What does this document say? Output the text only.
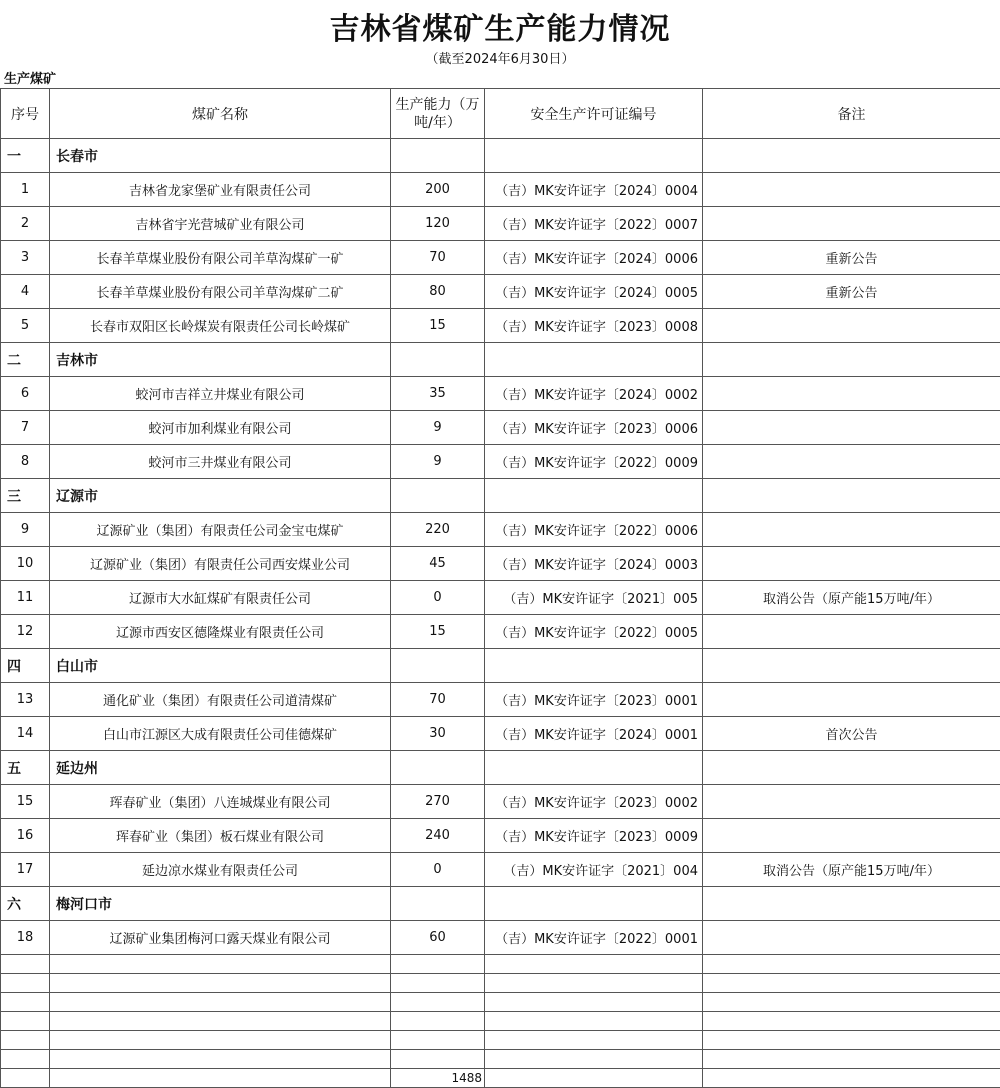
吉林省煤矿生产能力情况
（截至2024年6月30日）
生产煤矿
序号	煤矿名称	生产能力（万吨/年）	安全生产许可证编号	备注
一	长春市			
1	吉林省龙家堡矿业有限责任公司	200	（吉）MK安许证字〔2024〕0004	
2	吉林省宇光营城矿业有限公司	120	（吉）MK安许证字〔2022〕0007	
3	长春羊草煤业股份有限公司羊草沟煤矿一矿	70	（吉）MK安许证字〔2024〕0006	重新公告
4	长春羊草煤业股份有限公司羊草沟煤矿二矿	80	（吉）MK安许证字〔2024〕0005	重新公告
5	长春市双阳区长岭煤炭有限责任公司长岭煤矿	15	（吉）MK安许证字〔2023〕0008	
二	吉林市			
6	蛟河市吉祥立井煤业有限公司	35	（吉）MK安许证字〔2024〕0002	
7	蛟河市加利煤业有限公司	9	（吉）MK安许证字〔2023〕0006	
8	蛟河市三井煤业有限公司	9	（吉）MK安许证字〔2022〕0009	
三	辽源市			
9	辽源矿业（集团）有限责任公司金宝屯煤矿	220	（吉）MK安许证字〔2022〕0006	
10	辽源矿业（集团）有限责任公司西安煤业公司	45	（吉）MK安许证字〔2024〕0003	
11	辽源市大水缸煤矿有限责任公司	0	（吉）MK安许证字〔2021〕005	取消公告（原产能15万吨/年）
12	辽源市西安区德隆煤业有限责任公司	15	（吉）MK安许证字〔2022〕0005	
四	白山市			
13	通化矿业（集团）有限责任公司道清煤矿	70	（吉）MK安许证字〔2023〕0001	
14	白山市江源区大成有限责任公司佳德煤矿	30	（吉）MK安许证字〔2024〕0001	首次公告
五	延边州			
15	珲春矿业（集团）八连城煤业有限公司	270	（吉）MK安许证字〔2023〕0002	
16	珲春矿业（集团）板石煤业有限公司	240	（吉）MK安许证字〔2023〕0009	
17	延边凉水煤业有限责任公司	0	（吉）MK安许证字〔2021〕004	取消公告（原产能15万吨/年）
六	梅河口市			
18	辽源矿业集团梅河口露天煤业有限公司	60	（吉）MK安许证字〔2022〕0001	

		1488		
